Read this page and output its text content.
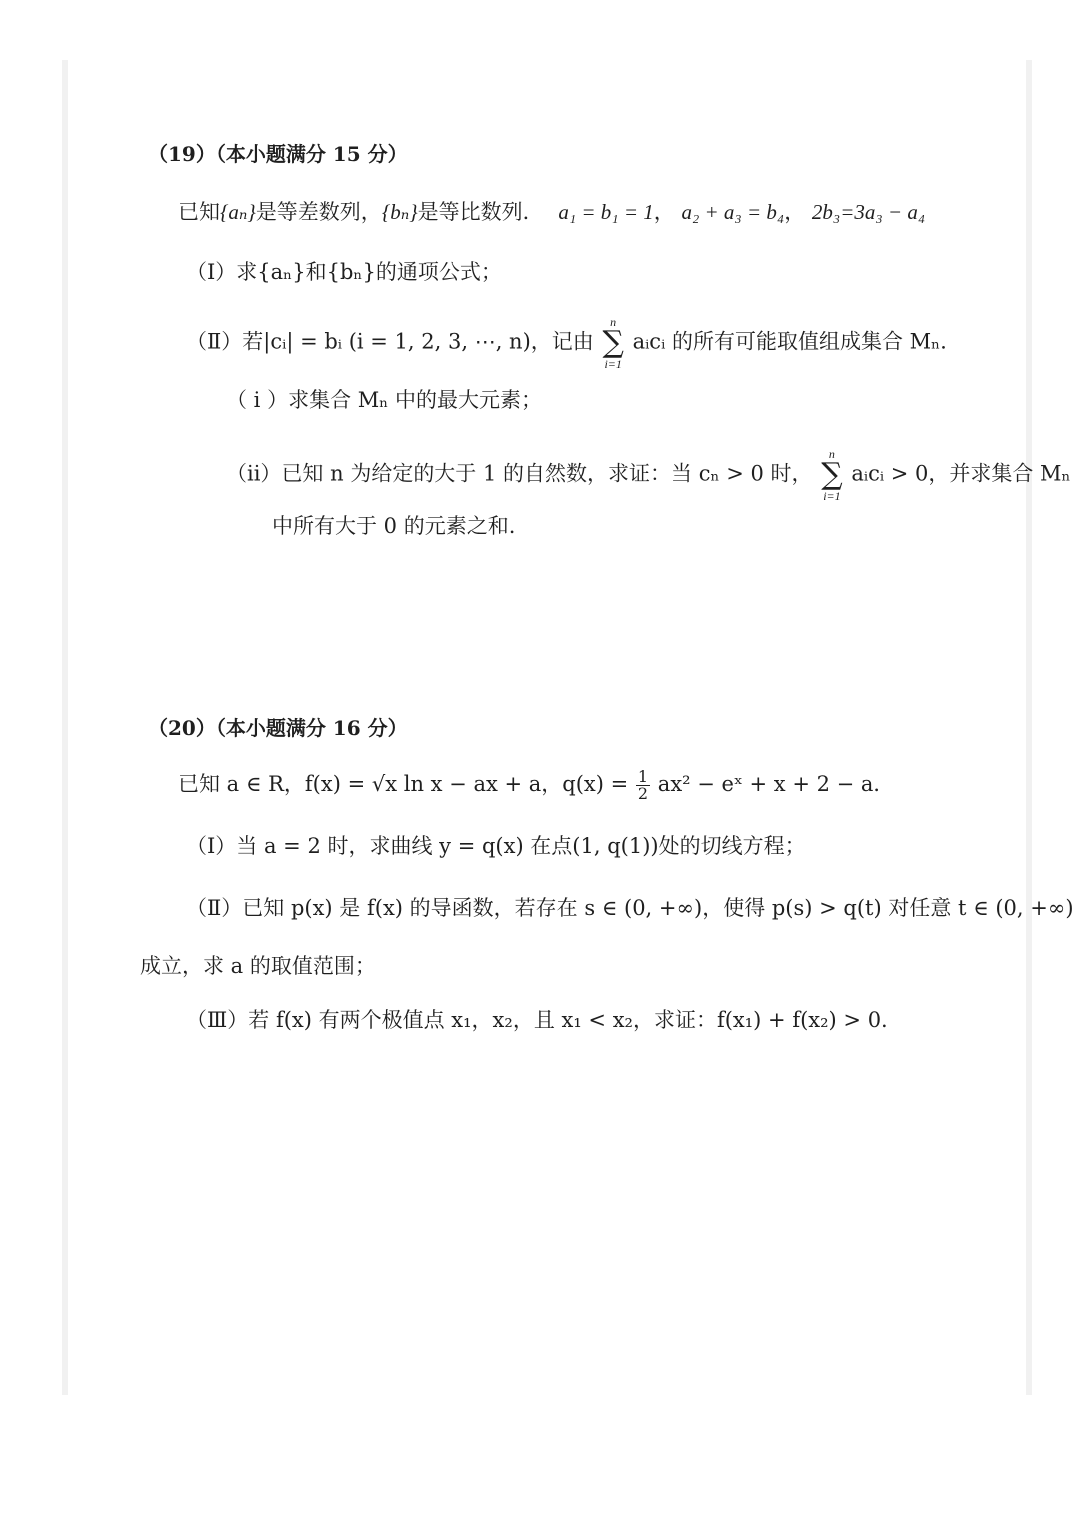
（19）（本小题满分 15 分）
已知{aₙ}是等差数列，{bₙ}是等比数列． a₁ = b₁ = 1， a₂ + a₃ = b₄， 2b₃=3a₃ − a₄
（Ⅰ）求{aₙ}和{bₙ}的通项公式；
（Ⅱ）若|cᵢ| = bᵢ (i = 1, 2, 3, ⋯, n)，记由
n
∑
i=1
aᵢcᵢ 的所有可能取值组成集合 Mₙ．
（ i ）求集合 Mₙ 中的最大元素；
（ii）已知 n 为给定的大于 1 的自然数，求证：当 cₙ > 0 时，
n
∑
i=1
aᵢcᵢ > 0，并求集合 Mₙ
中所有大于 0 的元素之和.
（20）（本小题满分 16 分）
已知 a ∈ R，f(x) = √x ln x − ax + a，$q(x) = \frac{1}{2} ax^2$ − eˣ + x + 2 − a．
（Ⅰ）当 a = 2 时，求曲线 y = q(x) 在点(1, q(1))处的切线方程；
（Ⅱ）已知 p(x) 是 f(x) 的导函数，若存在 s ∈ (0, +∞)，使得 p(s) > q(t) 对任意 t ∈ (0, +∞)
成立，求 a 的取值范围；
（Ⅲ）若 f(x) 有两个极值点 x₁，x₂，且 x₁ < x₂，求证：f(x₁) + f(x₂) > 0.
